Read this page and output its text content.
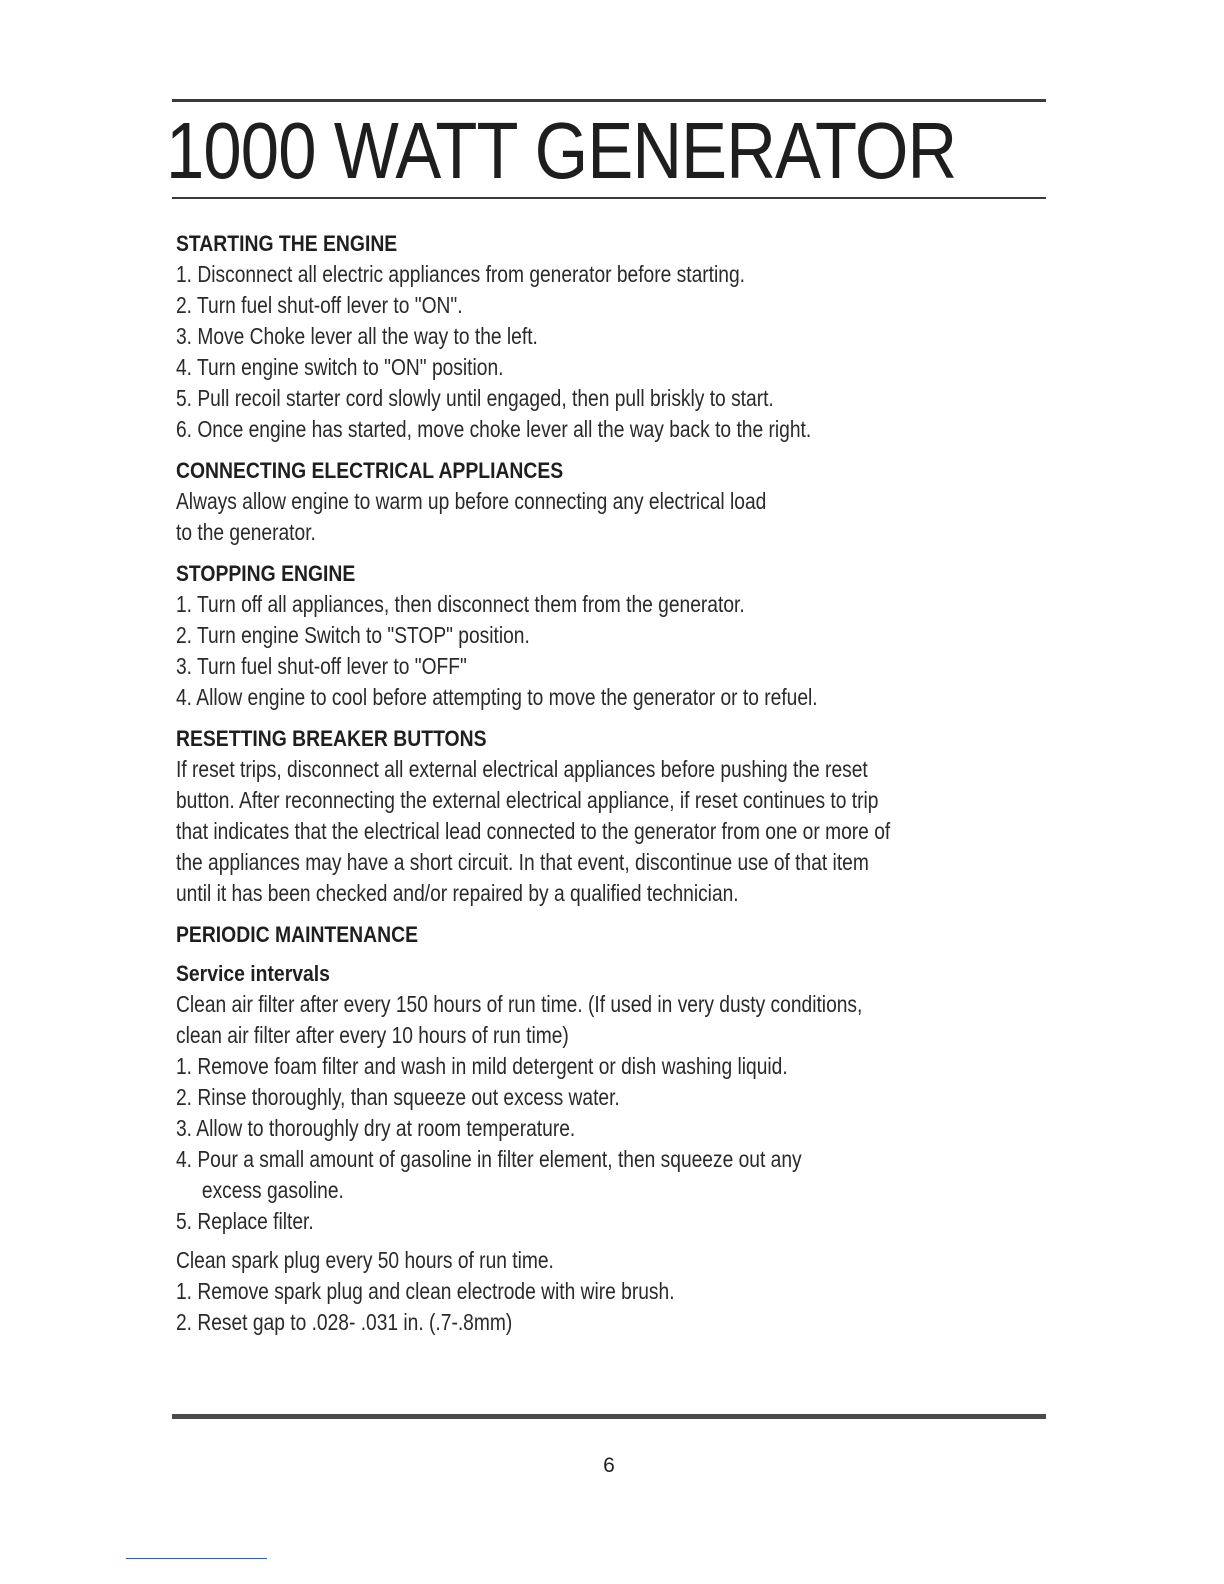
1000 WATT GENERATOR

STARTING THE ENGINE

1. Disconnect all electric appliances from generator before starting.

2. Turn fuel shut-off lever to "ON".

3. Move Choke lever all the way to the left.

4. Turn engine switch to "ON" position.

5. Pull recoil starter cord slowly until engaged, then pull briskly to start.

6. Once engine has started, move choke lever all the way back to the right.

CONNECTING ELECTRICAL APPLIANCES

Always allow engine to warm up before connecting any electrical load

to the generator.

STOPPING ENGINE

1. Turn off all appliances, then disconnect them from the generator.

2. Turn engine Switch to "STOP" position.

3. Turn fuel shut-off lever to "OFF"

4. Allow engine to cool before attempting to move the generator or to refuel.

RESETTING BREAKER BUTTONS

If reset trips, disconnect all external electrical appliances before pushing the reset

button. After reconnecting the external electrical appliance, if reset continues to trip

that indicates that the electrical lead connected to the generator from one or more of

the appliances may have a short circuit. In that event, discontinue use of that item

until it has been checked and/or repaired by a qualified technician.

PERIODIC MAINTENANCE

Service intervals

Clean air filter after every 150 hours of run time. (If used in very dusty conditions,

clean air filter after every 10 hours of run time)

1. Remove foam filter and wash in mild detergent or dish washing liquid.

2. Rinse thoroughly, than squeeze out excess water.

3. Allow to thoroughly dry at room temperature.

4. Pour a small amount of gasoline in filter element, then squeeze out any

excess gasoline.

5. Replace filter.

Clean spark plug every 50 hours of run time.

1. Remove spark plug and clean electrode with wire brush.

2. Reset gap to .028- .031 in. (.7-.8mm)

6
